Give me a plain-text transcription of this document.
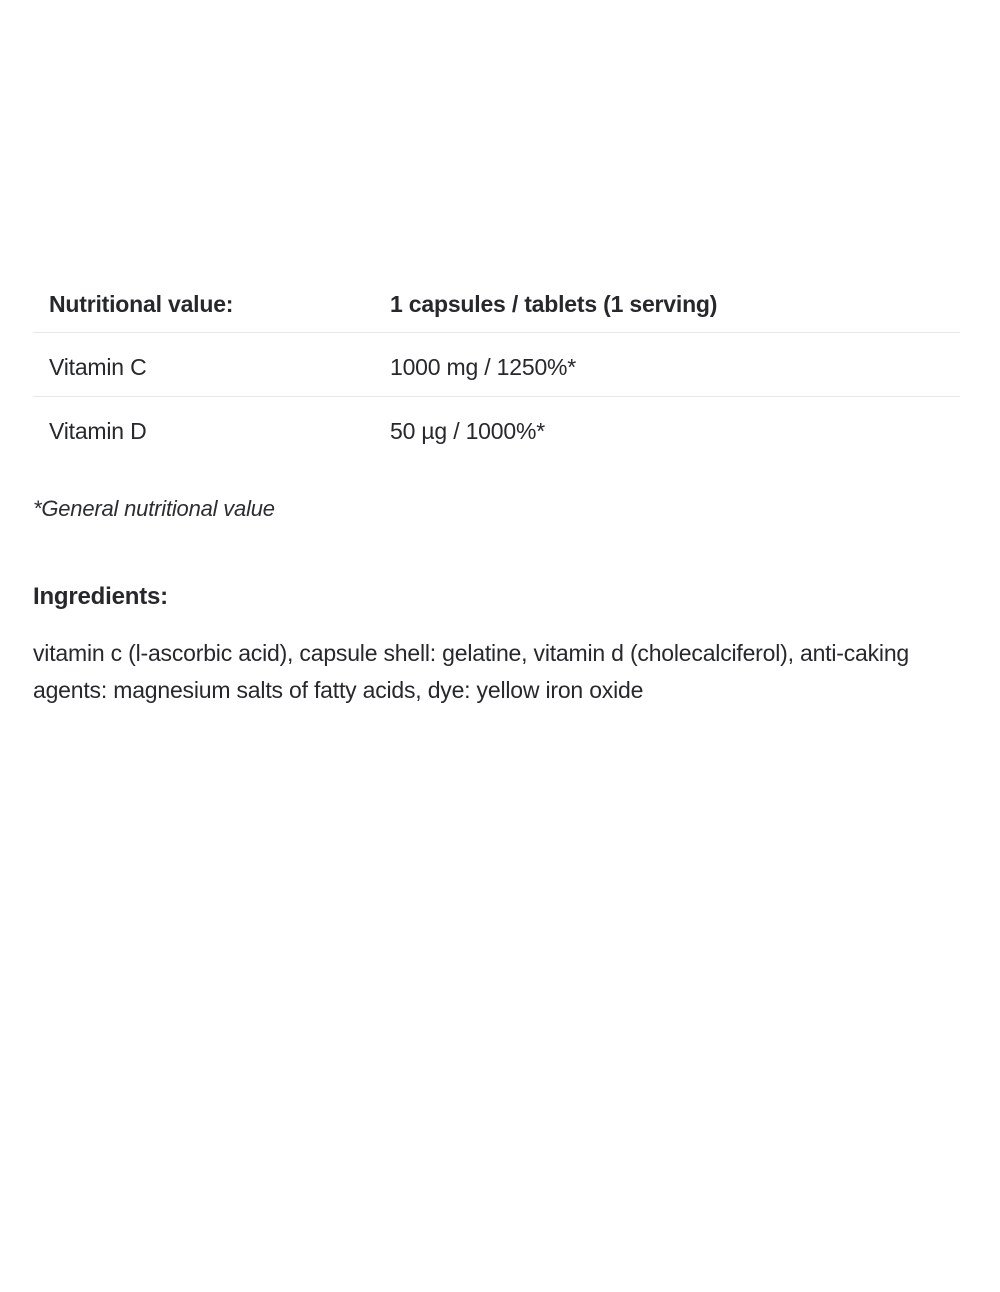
Nutritional value:	1 capsules / tablets (1 serving)
Vitamin C	1000 mg / 1250%*
Vitamin D	50 µg / 1000%*

*General nutritional value

Ingredients:

vitamin c (l-ascorbic acid), capsule shell: gelatine, vitamin d (cholecalciferol), anti-caking agents: magnesium salts of fatty acids, dye: yellow iron oxide
